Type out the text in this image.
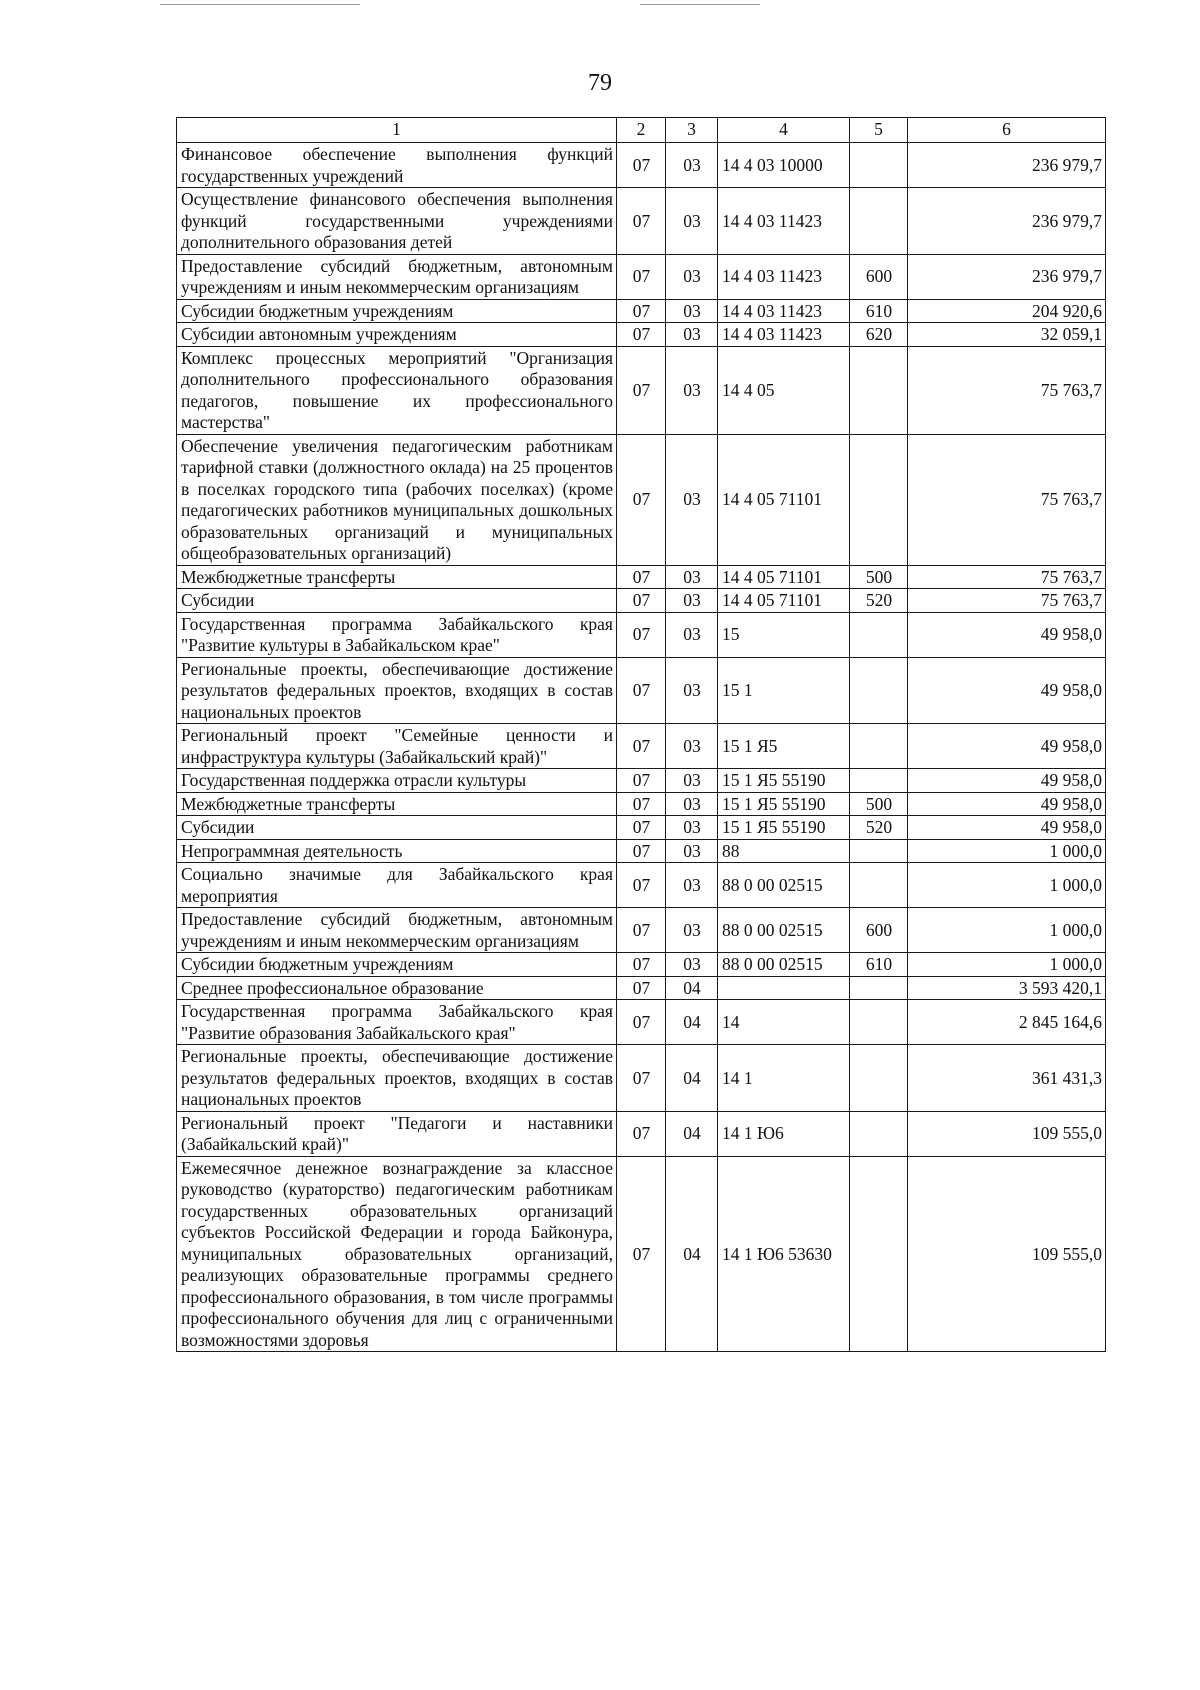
79
1	2	3	4	5	6
Финансовое обеспечение выполнения функций государственных учреждений	07	03	14 4 03 10000		236 979,7
Осуществление финансового обеспечения выполнения функций государственными учреждениями дополнительного образования детей	07	03	14 4 03 11423		236 979,7
Предоставление субсидий бюджетным, автономным учреждениям и иным некоммерческим организациям	07	03	14 4 03 11423	600	236 979,7
Субсидии бюджетным учреждениям	07	03	14 4 03 11423	610	204 920,6
Субсидии автономным учреждениям	07	03	14 4 03 11423	620	32 059,1
Комплекс процессных мероприятий "Организация дополнительного профессионального образования педагогов, повышение их профессионального мастерства"	07	03	14 4 05		75 763,7
Обеспечение увеличения педагогическим работникам тарифной ставки (должностного оклада) на 25 процентов в поселках городского типа (рабочих поселках) (кроме педагогических работников муниципальных дошкольных образовательных организаций и муниципальных общеобразовательных организаций)	07	03	14 4 05 71101		75 763,7
Межбюджетные трансферты	07	03	14 4 05 71101	500	75 763,7
Субсидии	07	03	14 4 05 71101	520	75 763,7
Государственная программа Забайкальского края "Развитие культуры в Забайкальском крае"	07	03	15		49 958,0
Региональные проекты, обеспечивающие достижение результатов федеральных проектов, входящих в состав национальных проектов	07	03	15 1		49 958,0
Региональный проект "Семейные ценности и инфраструктура культуры (Забайкальский край)"	07	03	15 1 Я5		49 958,0
Государственная поддержка отрасли культуры	07	03	15 1 Я5 55190		49 958,0
Межбюджетные трансферты	07	03	15 1 Я5 55190	500	49 958,0
Субсидии	07	03	15 1 Я5 55190	520	49 958,0
Непрограммная деятельность	07	03	88		1 000,0
Социально значимые для Забайкальского края мероприятия	07	03	88 0 00 02515		1 000,0
Предоставление субсидий бюджетным, автономным учреждениям и иным некоммерческим организациям	07	03	88 0 00 02515	600	1 000,0
Субсидии бюджетным учреждениям	07	03	88 0 00 02515	610	1 000,0
Среднее профессиональное образование	07	04			3 593 420,1
Государственная программа Забайкальского края "Развитие образования Забайкальского края"	07	04	14		2 845 164,6
Региональные проекты, обеспечивающие достижение результатов федеральных проектов, входящих в состав национальных проектов	07	04	14 1		361 431,3
Региональный проект "Педагоги и наставники (Забайкальский край)"	07	04	14 1 Ю6		109 555,0
Ежемесячное денежное вознаграждение за классное руководство (кураторство) педагогическим работникам государственных образовательных организаций субъектов Российской Федерации и города Байконура, муниципальных образовательных организаций, реализующих образовательные программы среднего профессионального образования, в том числе программы профессионального обучения для лиц с ограниченными возможностями здоровья	07	04	14 1 Ю6 53630		109 555,0
